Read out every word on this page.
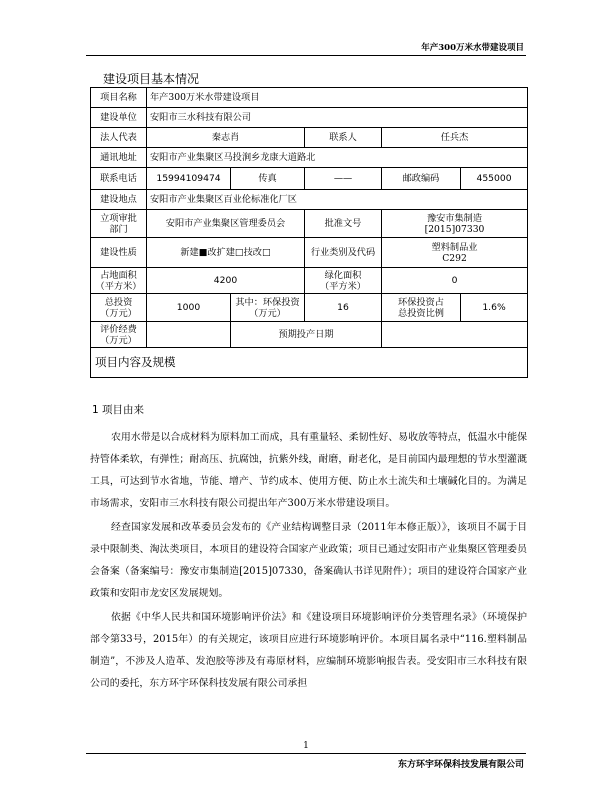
年产300万米水带建设项目
建设项目基本情况
项目名称	年产300万米水带建设项目				
建设单位	安阳市三水科技有限公司				
法人代表	秦志肖		联系人	任兵杰	
通讯地址	安阳市产业集聚区马投涧乡龙康大道路北				
联系电话	15994109474	传真	——	邮政编码	455000
建设地点	安阳市产业集聚区百业伦标准化厂区				
立项审批
部门	安阳市产业集聚区管理委员会		批准文号	豫安市集制造
[2015]07330	
建设性质	新建■改扩建□技改□		行业类别及代码	塑料制品业
C292	
占地面积
（平方米）	4200		绿化面积
（平方米）	0	
总投资
（万元）	1000	其中：环保投资
（万元）	16	环保投资占
总投资比例	1.6%
评价经费
（万元）		预期投产日期			
项目内容及规模					
1 项目由来

农用水带是以合成材料为原料加工而成，具有重量轻、柔韧性好、易收放等特点，低温水中能保持管体柔软，有弹性；耐高压、抗腐蚀，抗紫外线，耐磨，耐老化，是目前国内最理想的节水型灌溉工具，可达到节水省地，节能、增产、节约成本、使用方便、防止水土流失和土壤碱化目的。为满足市场需求，安阳市三水科技有限公司提出年产300万米水带建设项目。

经查国家发展和改革委员会发布的《产业结构调整目录（2011年本修正版）》，该项目不属于目录中限制类、淘汰类项目，本项目的建设符合国家产业政策；项目已通过安阳市产业集聚区管理委员会备案（备案编号：豫安市集制造[2015]07330，备案确认书详见附件）；项目的建设符合国家产业政策和安阳市龙安区发展规划。

依据《中华人民共和国环境影响评价法》和《建设项目环境影响评价分类管理名录》（环境保护部令第33号，2015年）的有关规定，该项目应进行环境影响评价。本项目属名录中“116.塑料制品制造”，不涉及人造革、发泡胶等涉及有毒原材料，应编制环境影响报告表。受安阳市三水科技有限公司的委托，东方环宇环保科技发展有限公司承担

1
东方环宇环保科技发展有限公司
